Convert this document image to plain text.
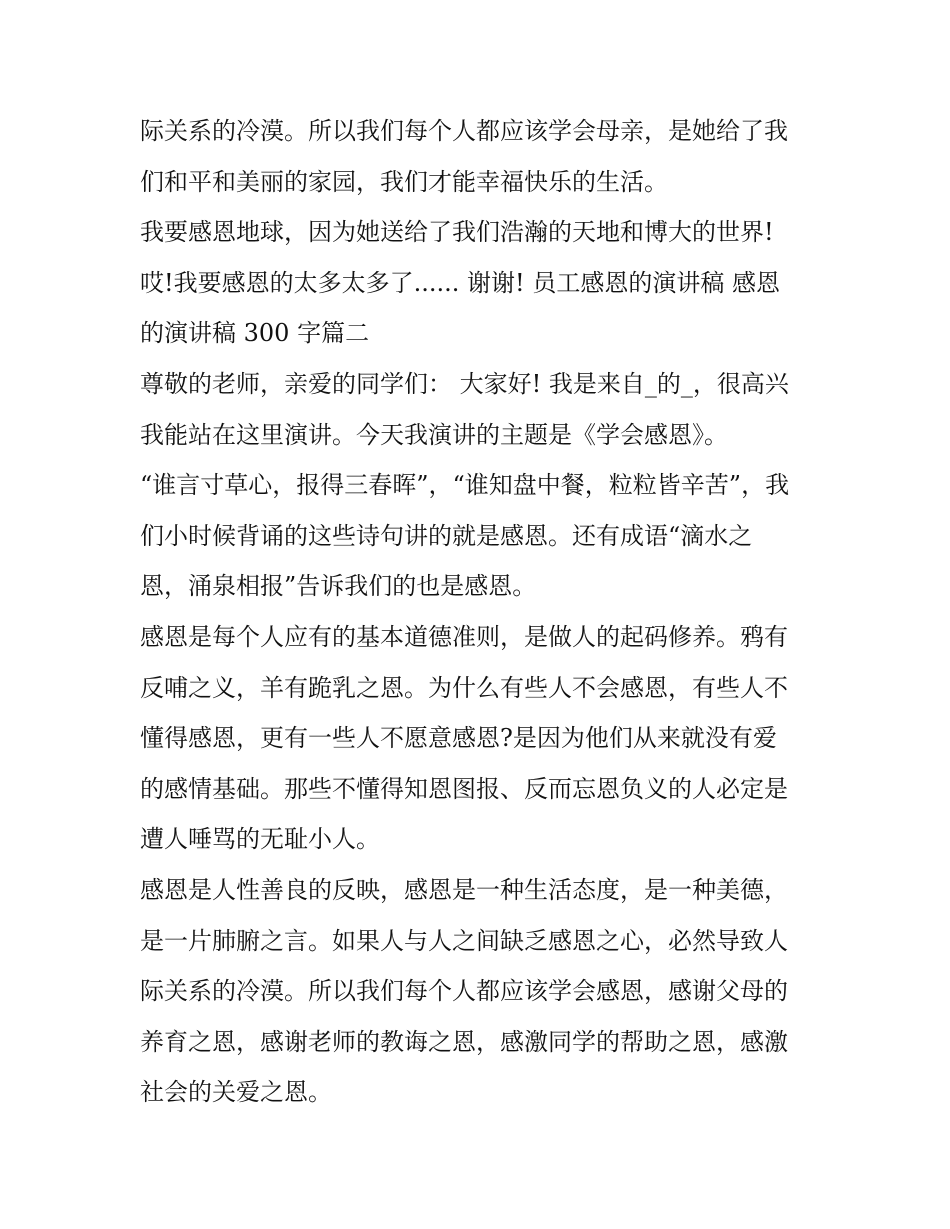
际关系的冷漠。所以我们每个人都应该学会母亲，是她给了我

们和平和美丽的家园，我们才能幸福快乐的生活。

我要感恩地球，因为她送给了我们浩瀚的天地和博大的世界!

哎!我要感恩的太多太多了...... 谢谢! 员工感恩的演讲稿 感恩

的演讲稿 300 字篇二

尊敬的老师，亲爱的同学们： 大家好! 我是来自_的_，很高兴

我能站在这里演讲。今天我演讲的主题是《学会感恩》。

“谁言寸草心，报得三春晖”，“谁知盘中餐，粒粒皆辛苦”，我

们小时候背诵的这些诗句讲的就是感恩。还有成语“滴水之

恩，涌泉相报”告诉我们的也是感恩。

感恩是每个人应有的基本道德准则，是做人的起码修养。鸦有

反哺之义，羊有跪乳之恩。为什么有些人不会感恩，有些人不

懂得感恩，更有一些人不愿意感恩?是因为他们从来就没有爱

的感情基础。那些不懂得知恩图报、反而忘恩负义的人必定是

遭人唾骂的无耻小人。

感恩是人性善良的反映，感恩是一种生活态度，是一种美德，

是一片肺腑之言。如果人与人之间缺乏感恩之心，必然导致人

际关系的冷漠。所以我们每个人都应该学会感恩，感谢父母的

养育之恩，感谢老师的教诲之恩，感激同学的帮助之恩，感激

社会的关爱之恩。
